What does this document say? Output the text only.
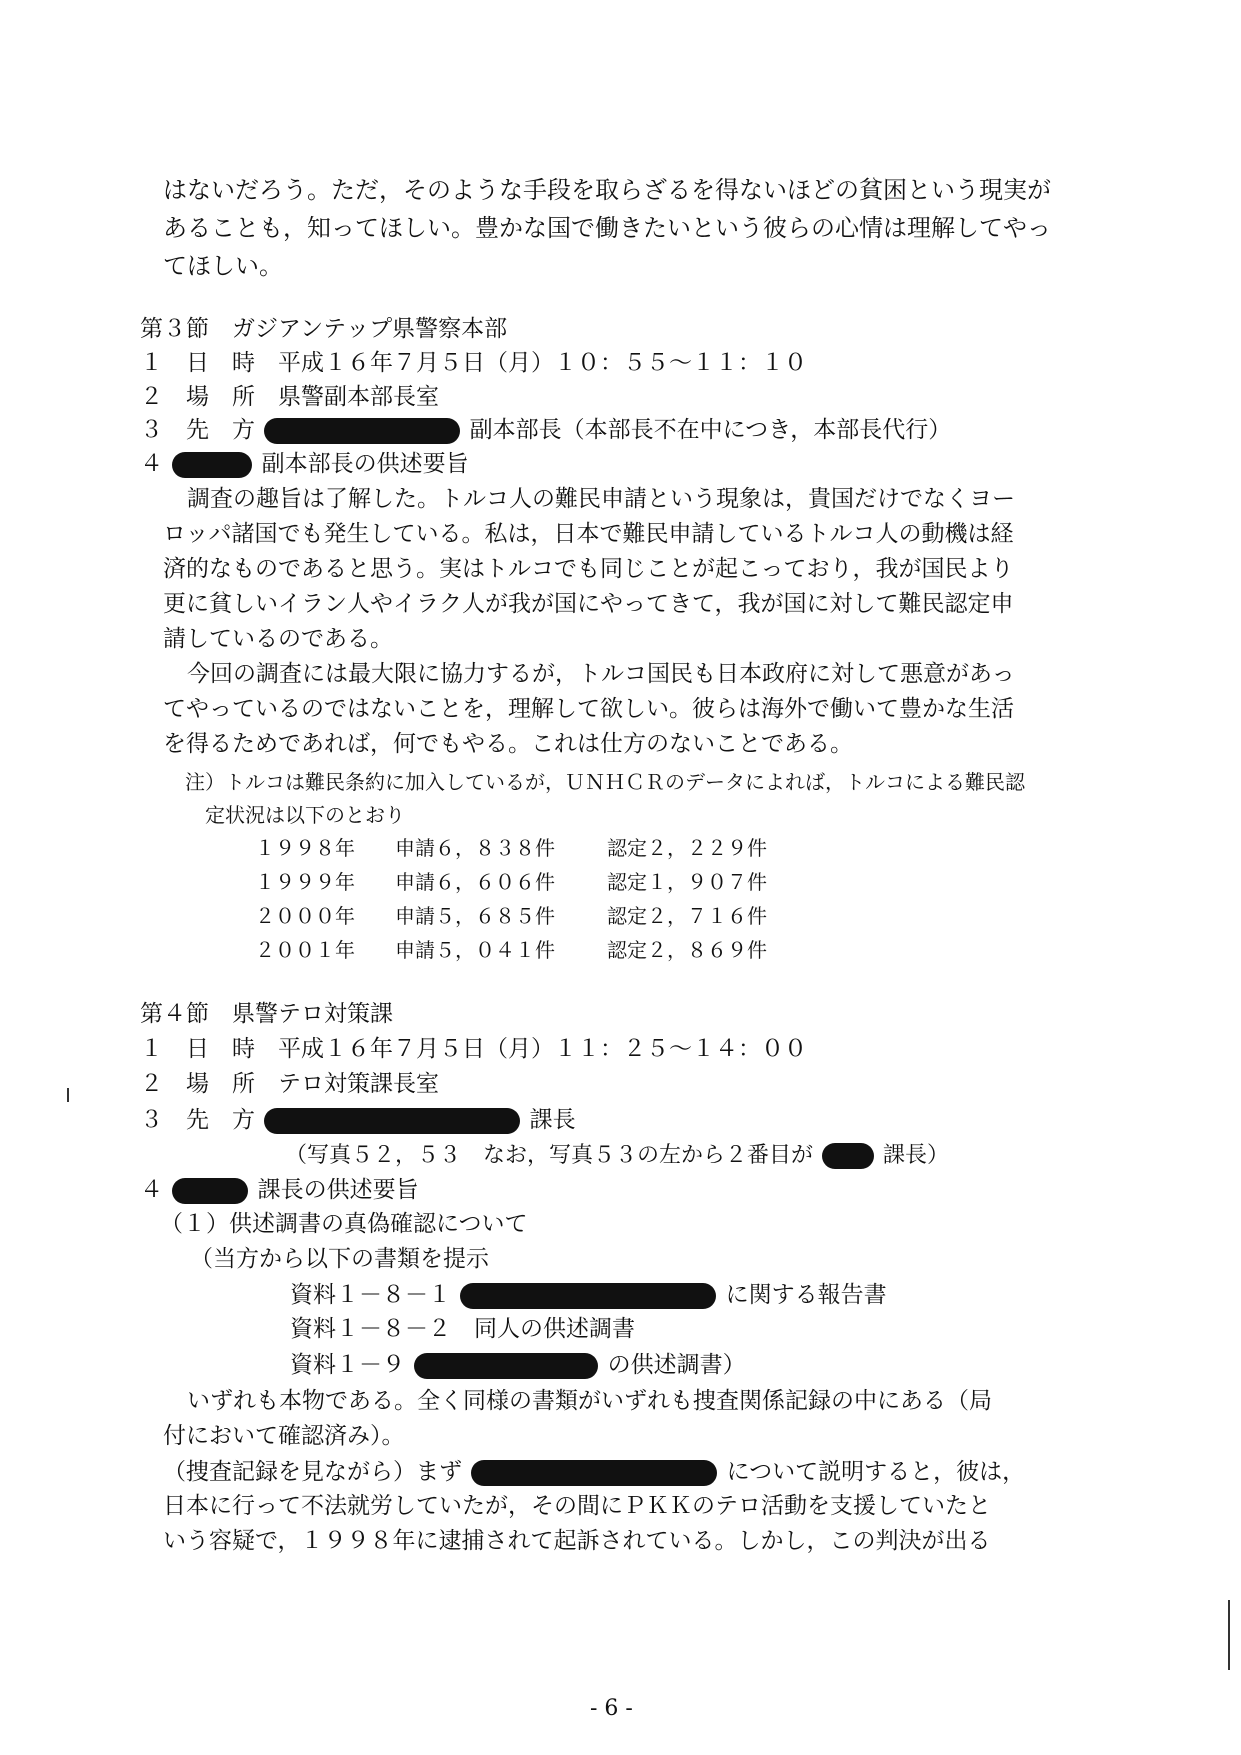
はないだろう。ただ，そのような手段を取らざるを得ないほどの貧困という現実が
あることも，知ってほしい。豊かな国で働きたいという彼らの心情は理解してやっ
てほしい。
第３節　ガジアンテップ県警察本部
１　日　時　平成１６年７月５日（月）１０：５５～１１：１０
２　場　所　県警副本部長室
３　先　方	副本部長（本部長不在中につき，本部長代行）
４	副本部長の供述要旨
調査の趣旨は了解した。トルコ人の難民申請という現象は，貴国だけでなくヨー
ロッパ諸国でも発生している。私は，日本で難民申請しているトルコ人の動機は経
済的なものであると思う。実はトルコでも同じことが起こっており，我が国民より
更に貧しいイラン人やイラク人が我が国にやってきて，我が国に対して難民認定申
請しているのである。
今回の調査には最大限に協力するが，トルコ国民も日本政府に対して悪意があっ
てやっているのではないことを，理解して欲しい。彼らは海外で働いて豊かな生活
を得るためであれば，何でもやる。これは仕方のないことである。
注）トルコは難民条約に加入しているが，ＵＮＨＣＲのデータによれば，トルコによる難民認
定状況は以下のとおり
１９９８年 申請６，８３８件	認定２，２２９件
１９９９年 申請６，６０６件	認定１，９０７件
２０００年 申請５，６８５件	認定２，７１６件
２００１年 申請５，０４１件	認定２，８６９件
第４節　県警テロ対策課
１　日　時　平成１６年７月５日（月）１１：２５～１４：００
２　場　所　テロ対策課長室
３　先　方	課長
（写真５２，５３　なお，写真５３の左から２番目が	課長）
４	課長の供述要旨
（１）供述調書の真偽確認について
（当方から以下の書類を提示
資料１－８－１	に関する報告書
資料１－８－２　同人の供述調書
資料１－９	の供述調書）
いずれも本物である。全く同様の書類がいずれも捜査関係記録の中にある（局
付において確認済み）。
（捜査記録を見ながら）まず	について説明すると，彼は，
日本に行って不法就労していたが，その間にＰＫＫのテロ活動を支援していたと
いう容疑で，１９９８年に逮捕されて起訴されている。しかし，この判決が出る
- 6 -
